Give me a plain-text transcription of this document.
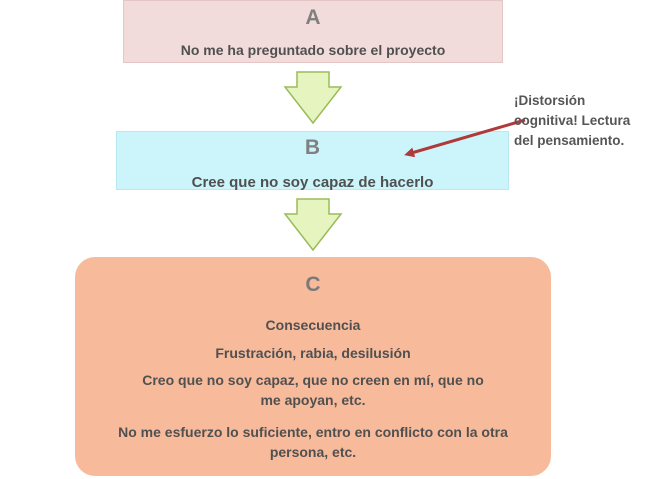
A
No me ha preguntado sobre el proyecto
B
Cree que no soy capaz de hacerlo
C
Consecuencia
Frustración, rabia, desilusión
Creo que no soy capaz, que no creen en mí, que no me apoyan, etc.
No me esfuerzo lo suficiente, entro en conflicto con la otra persona, etc.
¡Distorsión cognitiva! Lectura del pensamiento.
